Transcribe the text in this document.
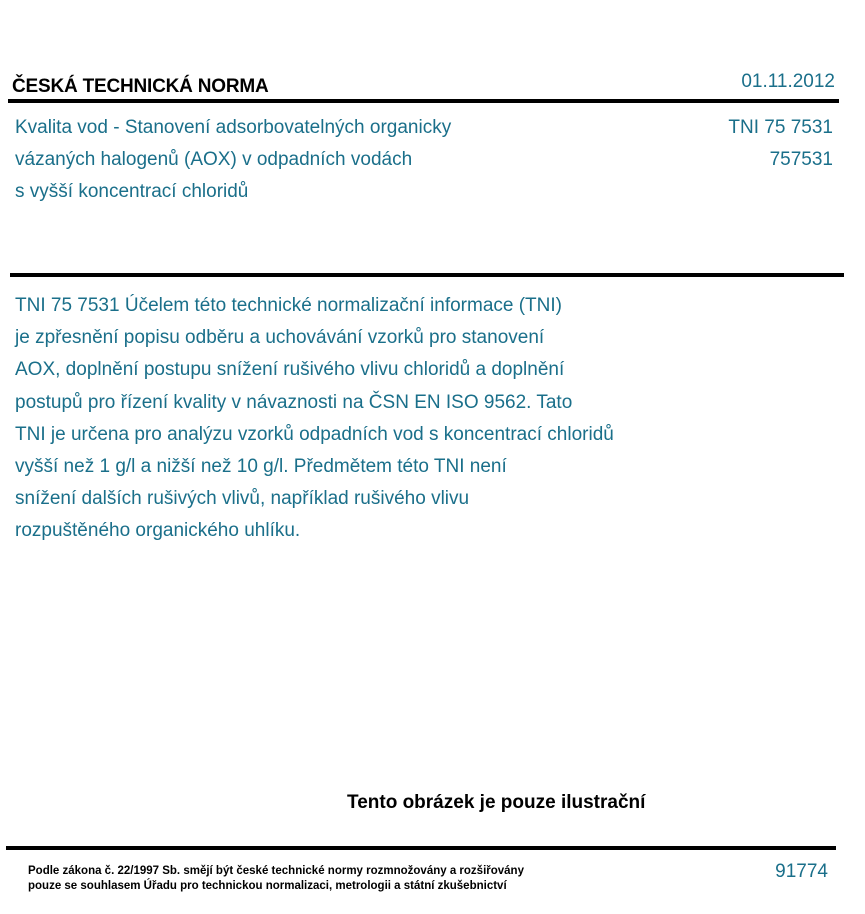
ČESKÁ TECHNICKÁ NORMA	01.11.2012
Kvalita vod - Stanovení adsorbovatelných organicky
vázaných halogenů (AOX) v odpadních vodách
s vyšší koncentrací chloridů
TNI 75 7531
757531
TNI 75 7531 Účelem této technické normalizační informace (TNI)
je zpřesnění popisu odběru a uchovávání vzorků pro stanovení
AOX, doplnění postupu snížení rušivého vlivu chloridů a doplnění
postupů pro řízení kvality v návaznosti na ČSN EN ISO 9562. Tato
TNI je určena pro analýzu vzorků odpadních vod s koncentrací chloridů
vyšší než 1 g/l a nižší než 10 g/l. Předmětem této TNI není
snížení dalších rušivých vlivů, například rušivého vlivu
rozpuštěného organického uhlíku.
Tento obrázek je pouze ilustrační
Podle zákona č. 22/1997 Sb. smějí být české technické normy rozmnožovány a rozšiřovány
pouze se souhlasem Úřadu pro technickou normalizaci, metrologii a státní zkušebnictví
91774
